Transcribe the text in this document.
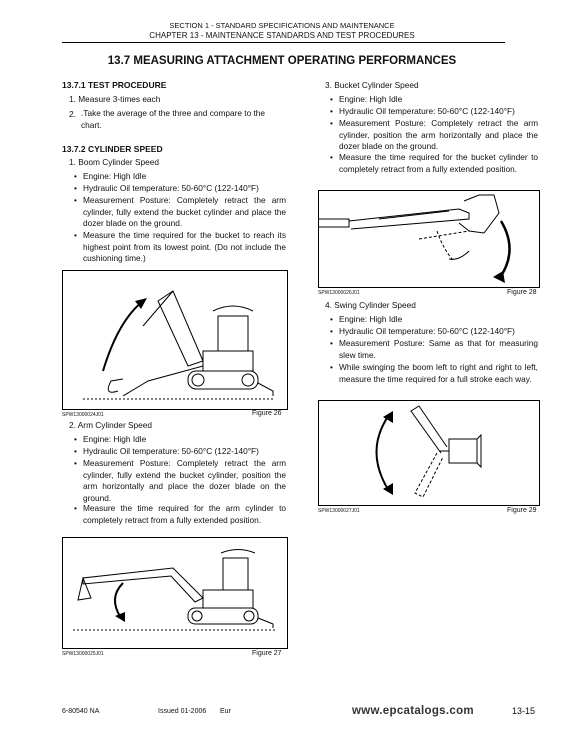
SECTION 1 - STANDARD SPECIFICATIONS AND MAINTENANCE
CHAPTER 13 - MAINTENANCE STANDARDS AND TEST PROCEDURES
13.7 MEASURING ATTACHMENT OPERATING PERFORMANCES
13.7.1 TEST PROCEDURE
1. Measure 3-times each
2. .Take the average of the three and compare to the chart.
13.7.2 CYLINDER SPEED
1. Boom Cylinder Speed
• Engine: High Idle
• Hydraulic Oil temperature: 50-60°C (122-140°F)
• Measurement Posture: Completely retract the arm cylinder, fully extend the bucket cylinder and place the dozer blade on the ground.
• Measure the time required for the bucket to reach its highest point from its lowest point. (Do not include the cushioning time.)
SPW13000024J01	Figure 26
2. Arm Cylinder Speed
• Engine: High Idle
• Hydraulic Oil temperature: 50-60°C (122-140°F)
• Measurement Posture: Completely retract the arm cylinder, fully extend the bucket cylinder, position the arm horizontally and place the dozer blade on the ground.
• Measure the time required for the arm cylinder to completely retract from a fully extended position.
SPW13000025J01	Figure 27
3. Bucket Cylinder Speed
• Engine: High Idle
• Hydraulic Oil temperature: 50-60°C (122-140°F)
• Measurement Posture: Completely retract the arm cylinder, position the arm horizontally and place the dozer blade on the ground.
• Measure the time required for the bucket cylinder to completely retract from a fully extended position.
SPW13000026J01	Figure 28
4. Swing Cylinder Speed
• Engine: High Idle
• Hydraulic Oil temperature: 50-60°C (122-140°F)
• Measurement Posture: Same as that for measuring slew time.
• While swinging the boom left to right and right to left, measure the time required for a full stroke each way.
SPW13000027J01	Figure 29
6-80540 NA	Issued 01-2006 Eur	www.epcatalogs.com	13-15
